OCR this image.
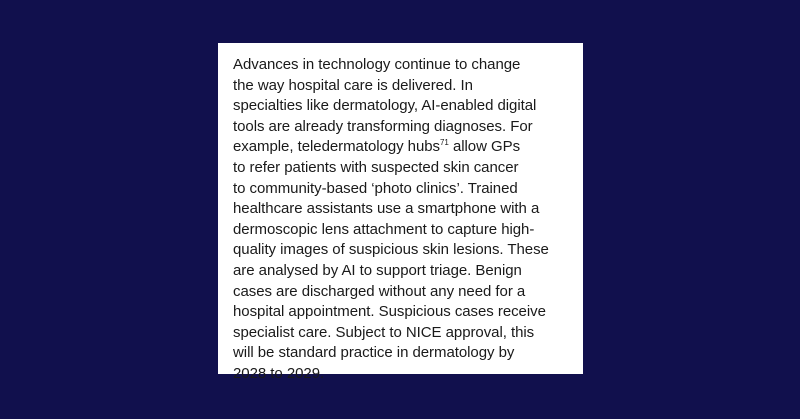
Advances in technology continue to change
the way hospital care is delivered. In
specialties like dermatology, AI-enabled digital
tools are already transforming diagnoses. For
example, teledermatology hubs$^{71}$ allow GPs
to refer patients with suspected skin cancer
to community-based ‘photo clinics’. Trained
healthcare assistants use a smartphone with a
dermoscopic lens attachment to capture high-
quality images of suspicious skin lesions. These
are analysed by AI to support triage. Benign
cases are discharged without any need for a
hospital appointment. Suspicious cases receive
specialist care. Subject to NICE approval, this
will be standard practice in dermatology by
2028 to 2029.
